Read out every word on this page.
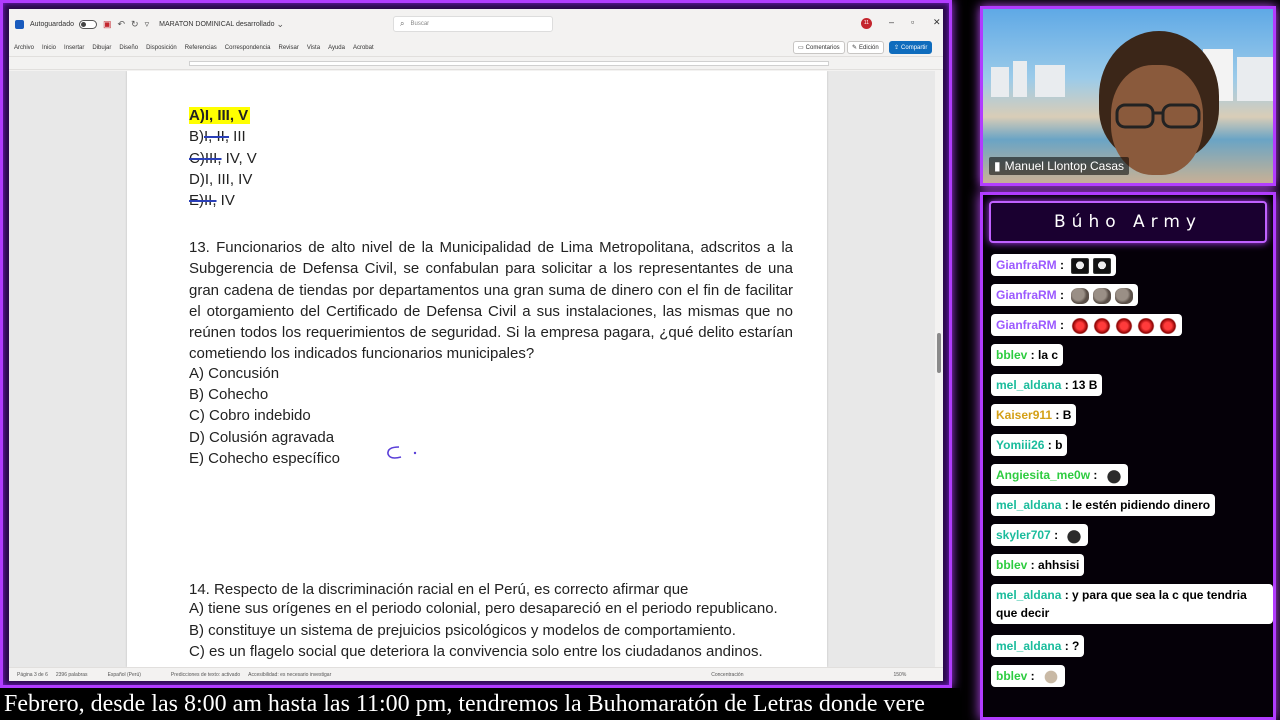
Autoguardado	▣ ↶ ↻ ▿ MARATON DOMINICAL desarrollado ⌄	⌕ Buscar	11	– ▫ ✕
Archivo Inicio Insertar Dibujar Diseño Disposición Referencias Correspondencia Revisar Vista Ayuda Acrobat	▭ Comentarios ✎ Edición	⇪ Compartir
A)I, III, V
B)I, II, III
C)III, IV, V
D)I, III, IV
E)II, IV
13. Funcionarios de alto nivel de la Municipalidad de Lima Metropolitana, adscritos a la Subgerencia de Defensa Civil, se confabulan para solicitar a los representantes de una gran cadena de tiendas por departamentos una gran suma de dinero con el fin de facilitar el otorgamiento del Certificado de Defensa Civil a sus instalaciones, las mismas que no reúnen todos los requerimientos de seguridad. Si la empresa pagara, ¿qué delito estarían cometiendo los indicados funcionarios municipales?
A) Concusión
B) Cohecho
C) Cobro indebido
D) Colusión agravada
E) Cohecho específico
14. Respecto de la discriminación racial en el Perú, es correcto afirmar que
A) tiene sus orígenes en el periodo colonial, pero desapareció en el periodo republicano.
B) constituye un sistema de prejuicios psicológicos y modelos de comportamiento.
C) es un flagelo social que deteriora la convivencia solo entre los ciudadanos andinos.
Página 3 de 6 2396 palabras	Español (Perú)	Predicciones de texto: activado Accesibilidad: es necesario investigar	Concentración	150%
Febrero, desde las 8:00 am hasta las 11:00 pm, tendremos la Buhomaratón de Letras donde vere
▮ Manuel Llontop Casas
Búho Army
GianfraRM :
GianfraRM :
GianfraRM :
bblev : la c
mel_aldana : 13 B
Kaiser911 : B
Yomiii26 : b
Angiesita_me0w :
mel_aldana : le estén pidiendo dinero
skyler707 :
bblev : ahhsisi
mel_aldana : y para que sea la c que tendria que decir
mel_aldana : ?
bblev :
